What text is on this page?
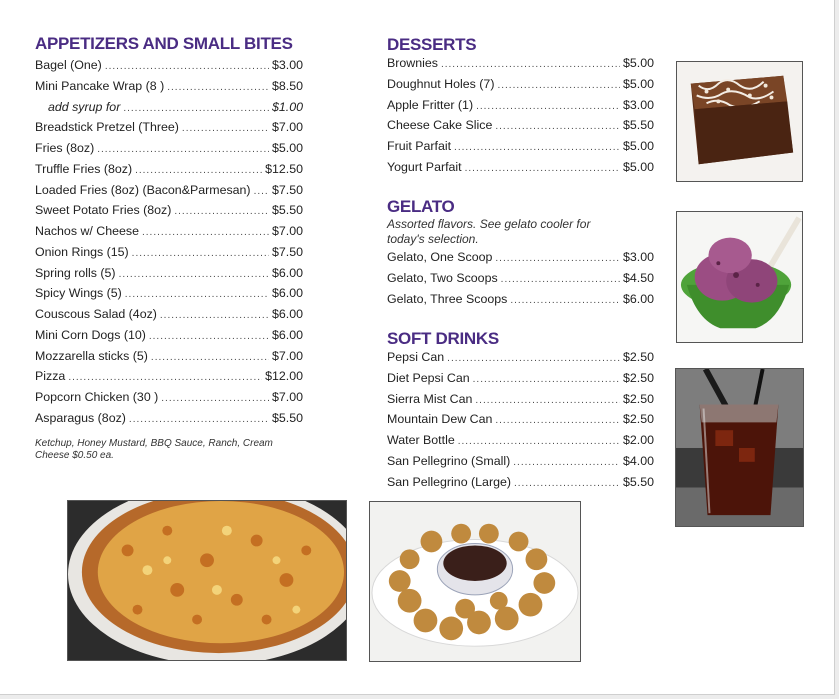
APPETIZERS AND SMALL BITES
Bagel (One) .....	$3.00
Mini Pancake Wrap (8 ) .....	$8.50
add syrup for .....	$1.00
Breadstick Pretzel (Three) .....	$7.00
Fries (8oz) .....	$5.00
Truffle Fries (8oz) .....	$12.50
Loaded Fries (8oz) (Bacon&Parmesan) ..... $7.50
Sweet Potato Fries (8oz) .....	$5.50
Nachos w/ Cheese .....	$7.00
Onion Rings (15) .....	$7.50
Spring rolls (5) .....	$6.00
Spicy Wings (5) .....	$6.00
Couscous Salad (4oz) .....	$6.00
Mini Corn Dogs (10) .....	$6.00
Mozzarella sticks (5) .....	$7.00
Pizza .....	$12.00
Popcorn Chicken (30 ) .....	$7.00
Asparagus (8oz) .....	$5.50
Ketchup, Honey Mustard, BBQ Sauce, Ranch, Cream Cheese $0.50 ea.
DESSERTS
Brownies .....	$5.00
Doughnut Holes (7) .....	$5.00
Apple Fritter (1) .....	$3.00
Cheese Cake Slice .....	$5.50
Fruit Parfait .....	$5.00
Yogurt Parfait .....	$5.00
GELATO
Assorted flavors. See gelato cooler for today's selection.
Gelato, One Scoop .....	$3.00
Gelato, Two Scoops .....	$4.50
Gelato, Three Scoops .....	$6.00
SOFT DRINKS
Pepsi Can .....	$2.50
Diet Pepsi Can .....	$2.50
Sierra Mist Can .....	$2.50
Mountain Dew Can .....	$2.50
Water Bottle .....	$2.00
San Pellegrino (Small) .....	$4.00
San Pellegrino (Large) .....	$5.50
